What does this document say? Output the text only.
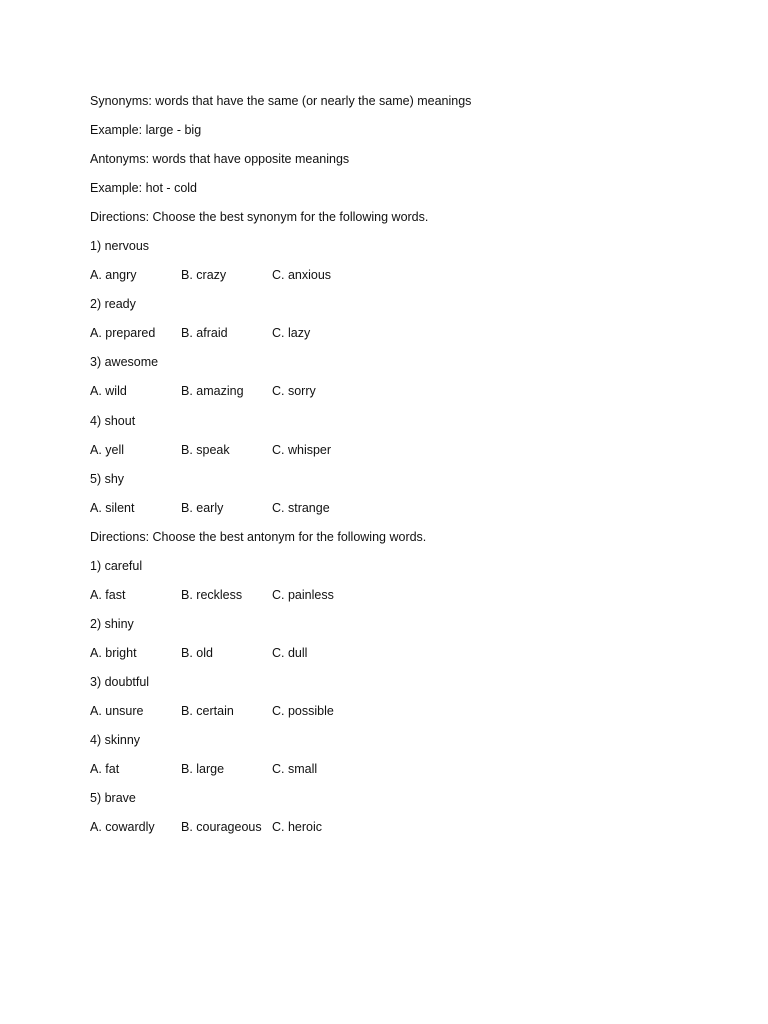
Synonyms: words that have the same (or nearly the same) meanings
Example: large - big
Antonyms: words that have opposite meanings
Example: hot - cold
Directions: Choose the best synonym for the following words.
1) nervous
A. angry	B. crazy	C. anxious
2) ready
A. prepared	B. afraid	C. lazy
3) awesome
A. wild	B. amazing	C. sorry
4) shout
A. yell	B. speak	C. whisper
5) shy
A. silent	B. early	C. strange
Directions: Choose the best antonym for the following words.
1) careful
A. fast	B. reckless	C. painless
2) shiny
A. bright	B. old	C. dull
3) doubtful
A. unsure	B. certain	C. possible
4) skinny
A. fat	B. large	C. small
5) brave
A. cowardly	B. courageous C. heroic
